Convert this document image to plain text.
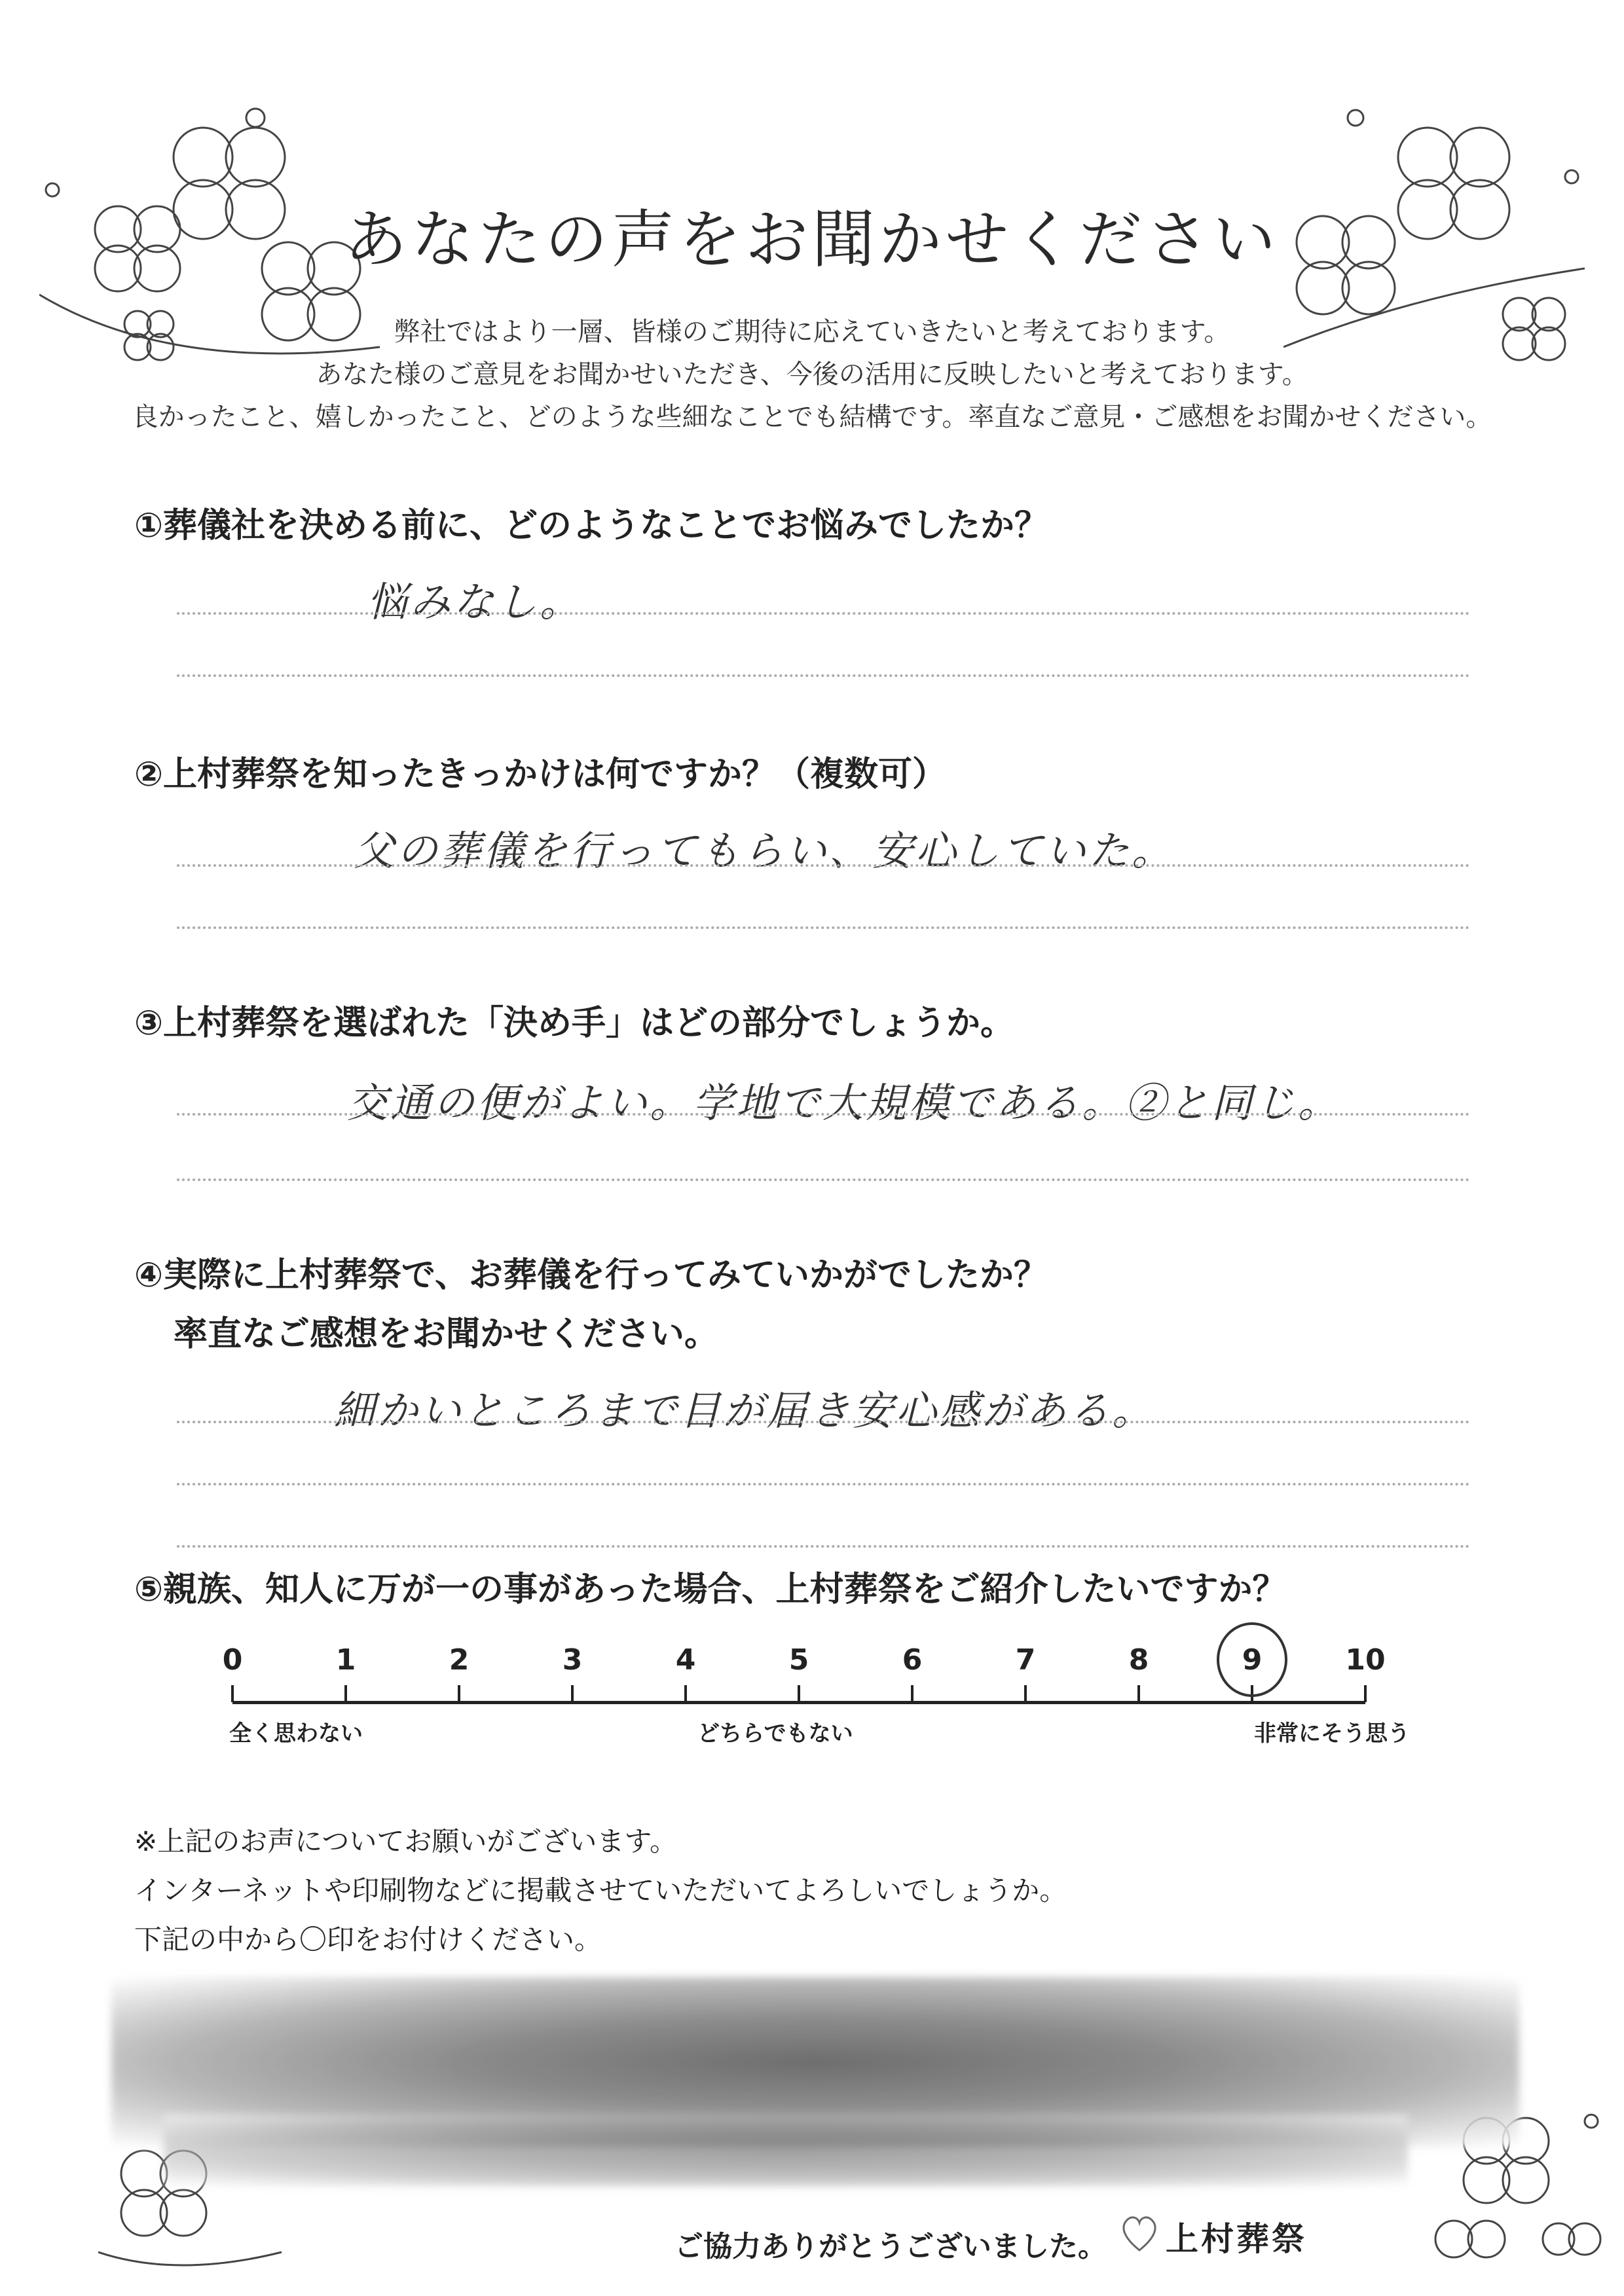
あなたの声をお聞かせください
弊社ではより一層、皆様のご期待に応えていきたいと考えております。
あなた様のご意見をお聞かせいただき、今後の活用に反映したいと考えております。
良かったこと、嬉しかったこと、どのような些細なことでも結構です。率直なご意見・ご感想をお聞かせください。
①葬儀社を決める前に、どのようなことでお悩みでしたか？
悩みなし。
②上村葬祭を知ったきっかけは何ですか？（複数可）
父の葬儀を行ってもらい、安心していた。
③上村葬祭を選ばれた「決め手」はどの部分でしょうか。
交通の便がよい。学地で大規模である。②と同じ。
④実際に上村葬祭で、お葬儀を行ってみていかがでしたか？
率直なご感想をお聞かせください。
細かいところまで目が届き安心感がある。
⑤親族、知人に万が一の事があった場合、上村葬祭をご紹介したいですか？
0	1	2	3	4	5	6	7	8	9	10
全く思わない	どちらでもない	非常にそう思う
※上記のお声についてお願いがございます。
インターネットや印刷物などに掲載させていただいてよろしいでしょうか。
下記の中から〇印をお付けください。
ご協力ありがとうございました。 上村葬祭
